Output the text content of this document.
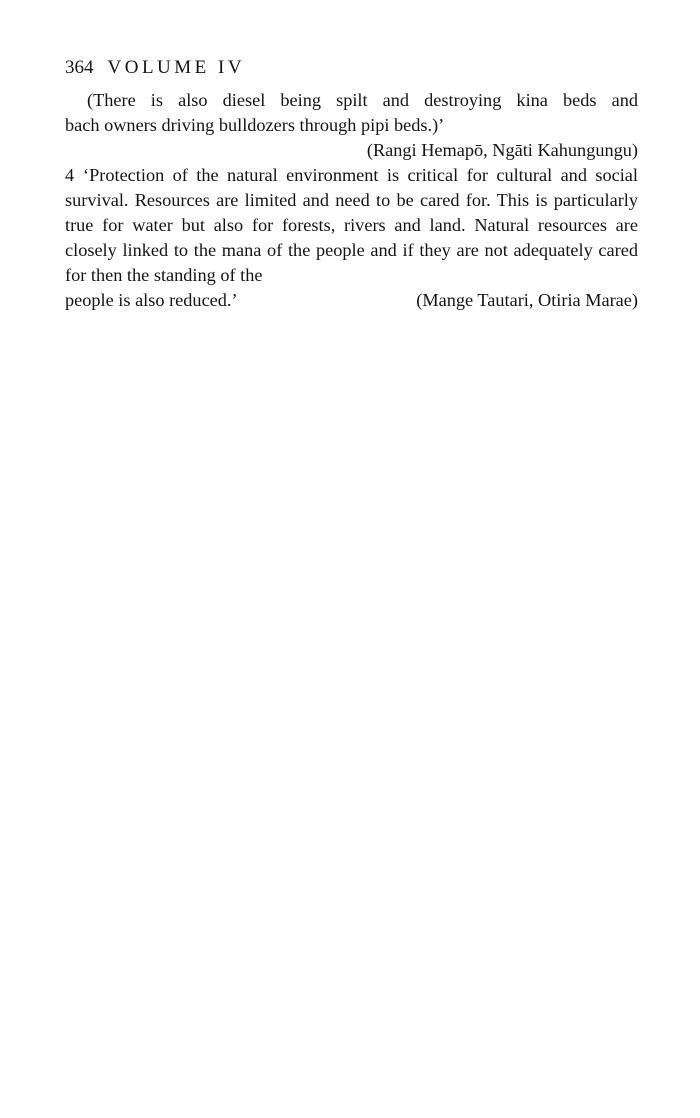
364 VOLUME IV

(There is also diesel being spilt and destroying kina beds and

bach owners driving bulldozers through pipi beds.)’

(Rangi Hemapō, Ngāti Kahungungu)

4 ‘Protection of the natural environment is critical for cultural and social survival. Resources are limited and need to be cared for. This is particularly true for water but also for forests, rivers and land. Natural resources are closely linked to the mana of the people and if they are not adequately cared for then the standing of the

people is also reduced.’	(Mange Tautari, Otiria Marae)
